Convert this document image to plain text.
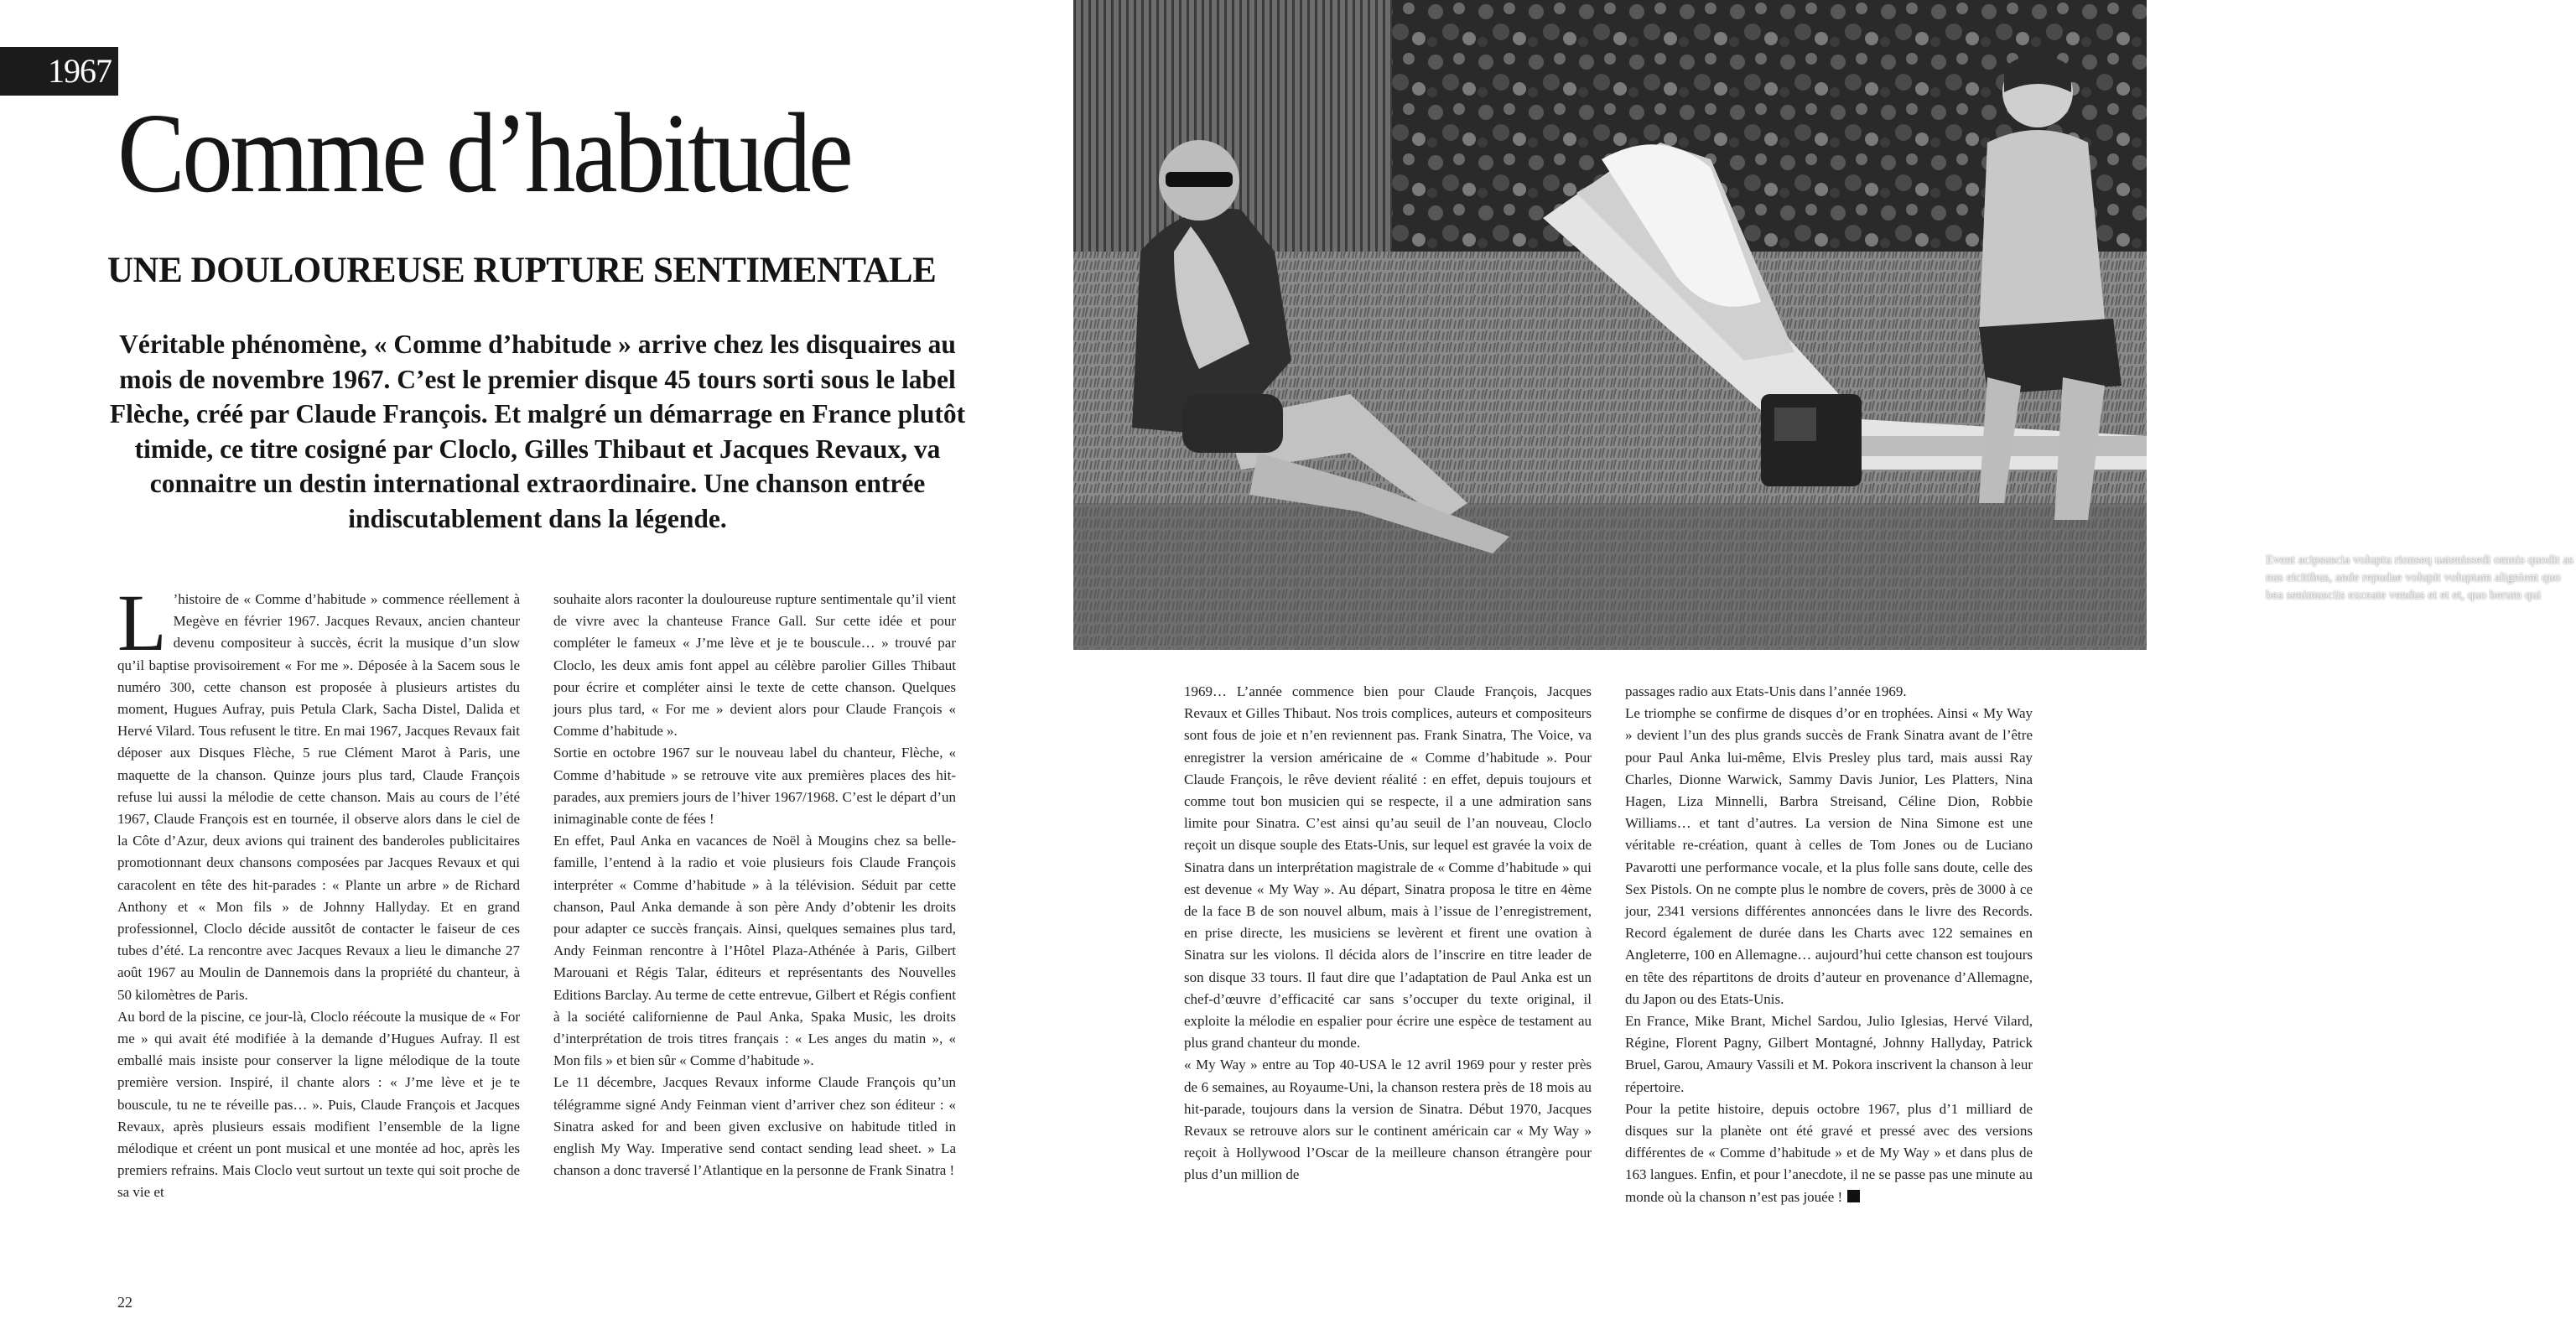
1967
Comme d’habitude
UNE DOULOUREUSE RUPTURE SENTIMENTALE
Véritable phénomène, « Comme d’habitude » arrive chez les disquaires au mois de novembre 1967. C’est le premier disque 45 tours sorti sous le label Flèche, créé par Claude François. Et malgré un démarrage en France plutôt timide, ce titre cosigné par Cloclo, Gilles Thibaut et Jacques Revaux, va connaitre un destin international extraordinaire. Une chanson entrée indiscutablement dans la légende.

L ’histoire de « Comme d’habitude » commence réellement à Megève en février 1967. Jacques Revaux, ancien chanteur devenu compositeur à succès, écrit la musique d’un slow qu’il baptise provisoirement « For me ». Déposée à la Sacem sous le numéro 300, cette chanson est proposée à plusieurs artistes du moment, Hugues Aufray, puis Petula Clark, Sacha Distel, Dalida et Hervé Vilard. Tous refusent le titre. En mai 1967, Jacques Revaux fait déposer aux Disques Flèche, 5 rue Clément Marot à Paris, une maquette de la chanson. Quinze jours plus tard, Claude François refuse lui aussi la mélodie de cette chanson. Mais au cours de l’été 1967, Claude François est en tournée, il observe alors dans le ciel de la Côte d’Azur, deux avions qui trainent des banderoles publicitaires promotionnant deux chansons composées par Jacques Revaux et qui caracolent en tête des hit-parades : « Plante un arbre » de Richard Anthony et « Mon fils » de Johnny Hallyday. Et en grand professionnel, Cloclo décide aussitôt de contacter le faiseur de ces tubes d’été. La rencontre avec Jacques Revaux a lieu le dimanche 27 août 1967 au Moulin de Dannemois dans la propriété du chanteur, à 50 kilomètres de Paris.

Au bord de la piscine, ce jour-là, Cloclo réécoute la musique de « For me » qui avait été modifiée à la demande d’Hugues Aufray. Il est emballé mais insiste pour conserver la ligne mélodique de la toute première version. Inspiré, il chante alors : « J’me lève et je te bouscule, tu ne te réveille pas… ». Puis, Claude François et Jacques Revaux, après plusieurs essais modifient l’ensemble de la ligne mélodique et créent un pont musical et une montée ad hoc, après les premiers refrains. Mais Cloclo veut surtout un texte qui soit proche de sa vie et

souhaite alors raconter la douloureuse rupture sentimentale qu’il vient de vivre avec la chanteuse France Gall. Sur cette idée et pour compléter le fameux « J’me lève et je te bouscule… » trouvé par Cloclo, les deux amis font appel au célèbre parolier Gilles Thibaut pour écrire et compléter ainsi le texte de cette chanson. Quelques jours plus tard, « For me » devient alors pour Claude François « Comme d’habitude ».

Sortie en octobre 1967 sur le nouveau label du chanteur, Flèche, « Comme d’habitude » se retrouve vite aux premières places des hit-parades, aux premiers jours de l’hiver 1967/1968. C’est le départ d’un inimaginable conte de fées !

En effet, Paul Anka en vacances de Noël à Mougins chez sa belle-famille, l’entend à la radio et voie plusieurs fois Claude François interpréter « Comme d’habitude » à la télévision. Séduit par cette chanson, Paul Anka demande à son père Andy d’obtenir les droits pour adapter ce succès français. Ainsi, quelques semaines plus tard, Andy Feinman rencontre à l’Hôtel Plaza-Athénée à Paris, Gilbert Marouani et Régis Talar, éditeurs et représentants des Nouvelles Editions Barclay. Au terme de cette entrevue, Gilbert et Régis confient à la société californienne de Paul Anka, Spaka Music, les droits d’interprétation de trois titres français : « Les anges du matin », « Mon fils » et bien sûr « Comme d’habitude ».

Le 11 décembre, Jacques Revaux informe Claude François qu’un télégramme signé Andy Feinman vient d’arriver chez son éditeur : « Sinatra asked for and been given exclusive on habitude titled in english My Way. Imperative send contact sending lead sheet. » La chanson a donc traversé l’Atlantique en la personne de Frank Sinatra !

Event acipsuscia voluptu rionseq uatenissedi omnis quodit as nus eicitibus, ande repudae volupit voluptam alignient quo bea senimusciis exceate vendus et et et, quo berum qui

1969… L’année commence bien pour Claude François, Jacques Revaux et Gilles Thibaut. Nos trois complices, auteurs et compositeurs sont fous de joie et n’en reviennent pas. Frank Sinatra, The Voice, va enregistrer la version américaine de « Comme d’habitude ». Pour Claude François, le rêve devient réalité : en effet, depuis toujours et comme tout bon musicien qui se respecte, il a une admiration sans limite pour Sinatra. C’est ainsi qu’au seuil de l’an nouveau, Cloclo reçoit un disque souple des Etats-Unis, sur lequel est gravée la voix de Sinatra dans un interprétation magistrale de « Comme d’habitude » qui est devenue « My Way ». Au départ, Sinatra proposa le titre en 4ème de la face B de son nouvel album, mais à l’issue de l’enregistrement, en prise directe, les musiciens se levèrent et firent une ovation à Sinatra sur les violons. Il décida alors de l’inscrire en titre leader de son disque 33 tours. Il faut dire que l’adaptation de Paul Anka est un chef-d’œuvre d’efficacité car sans s’occuper du texte original, il exploite la mélodie en espalier pour écrire une espèce de testament au plus grand chanteur du monde.

« My Way » entre au Top 40-USA le 12 avril 1969 pour y rester près de 6 semaines, au Royaume-Uni, la chanson restera près de 18 mois au hit-parade, toujours dans la version de Sinatra. Début 1970, Jacques Revaux se retrouve alors sur le continent américain car « My Way » reçoit à Hollywood l’Oscar de la meilleure chanson étrangère pour plus d’un million de

passages radio aux Etats-Unis dans l’année 1969.

Le triomphe se confirme de disques d’or en trophées. Ainsi « My Way » devient l’un des plus grands succès de Frank Sinatra avant de l’être pour Paul Anka lui-même, Elvis Presley plus tard, mais aussi Ray Charles, Dionne Warwick, Sammy Davis Junior, Les Platters, Nina Hagen, Liza Minnelli, Barbra Streisand, Céline Dion, Robbie Williams… et tant d’autres. La version de Nina Simone est une véritable re-création, quant à celles de Tom Jones ou de Luciano Pavarotti une performance vocale, et la plus folle sans doute, celle des Sex Pistols. On ne compte plus le nombre de covers, près de 3000 à ce jour, 2341 versions différentes annoncées dans le livre des Records. Record également de durée dans les Charts avec 122 semaines en Angleterre, 100 en Allemagne… aujourd’hui cette chanson est toujours en tête des répartitons de droits d’auteur en provenance d’Allemagne, du Japon ou des Etats-Unis.

En France, Mike Brant, Michel Sardou, Julio Iglesias, Hervé Vilard, Régine, Florent Pagny, Gilbert Montagné, Johnny Hallyday, Patrick Bruel, Garou, Amaury Vassili et M. Pokora inscrivent la chanson à leur répertoire.

Pour la petite histoire, depuis octobre 1967, plus d’1 milliard de disques sur la planète ont été gravé et pressé avec des versions différentes de « Comme d’habitude » et de My Way » et dans plus de 163 langues. Enfin, et pour l’anecdote, il ne se passe pas une minute au monde où la chanson n’est pas jouée !

22
